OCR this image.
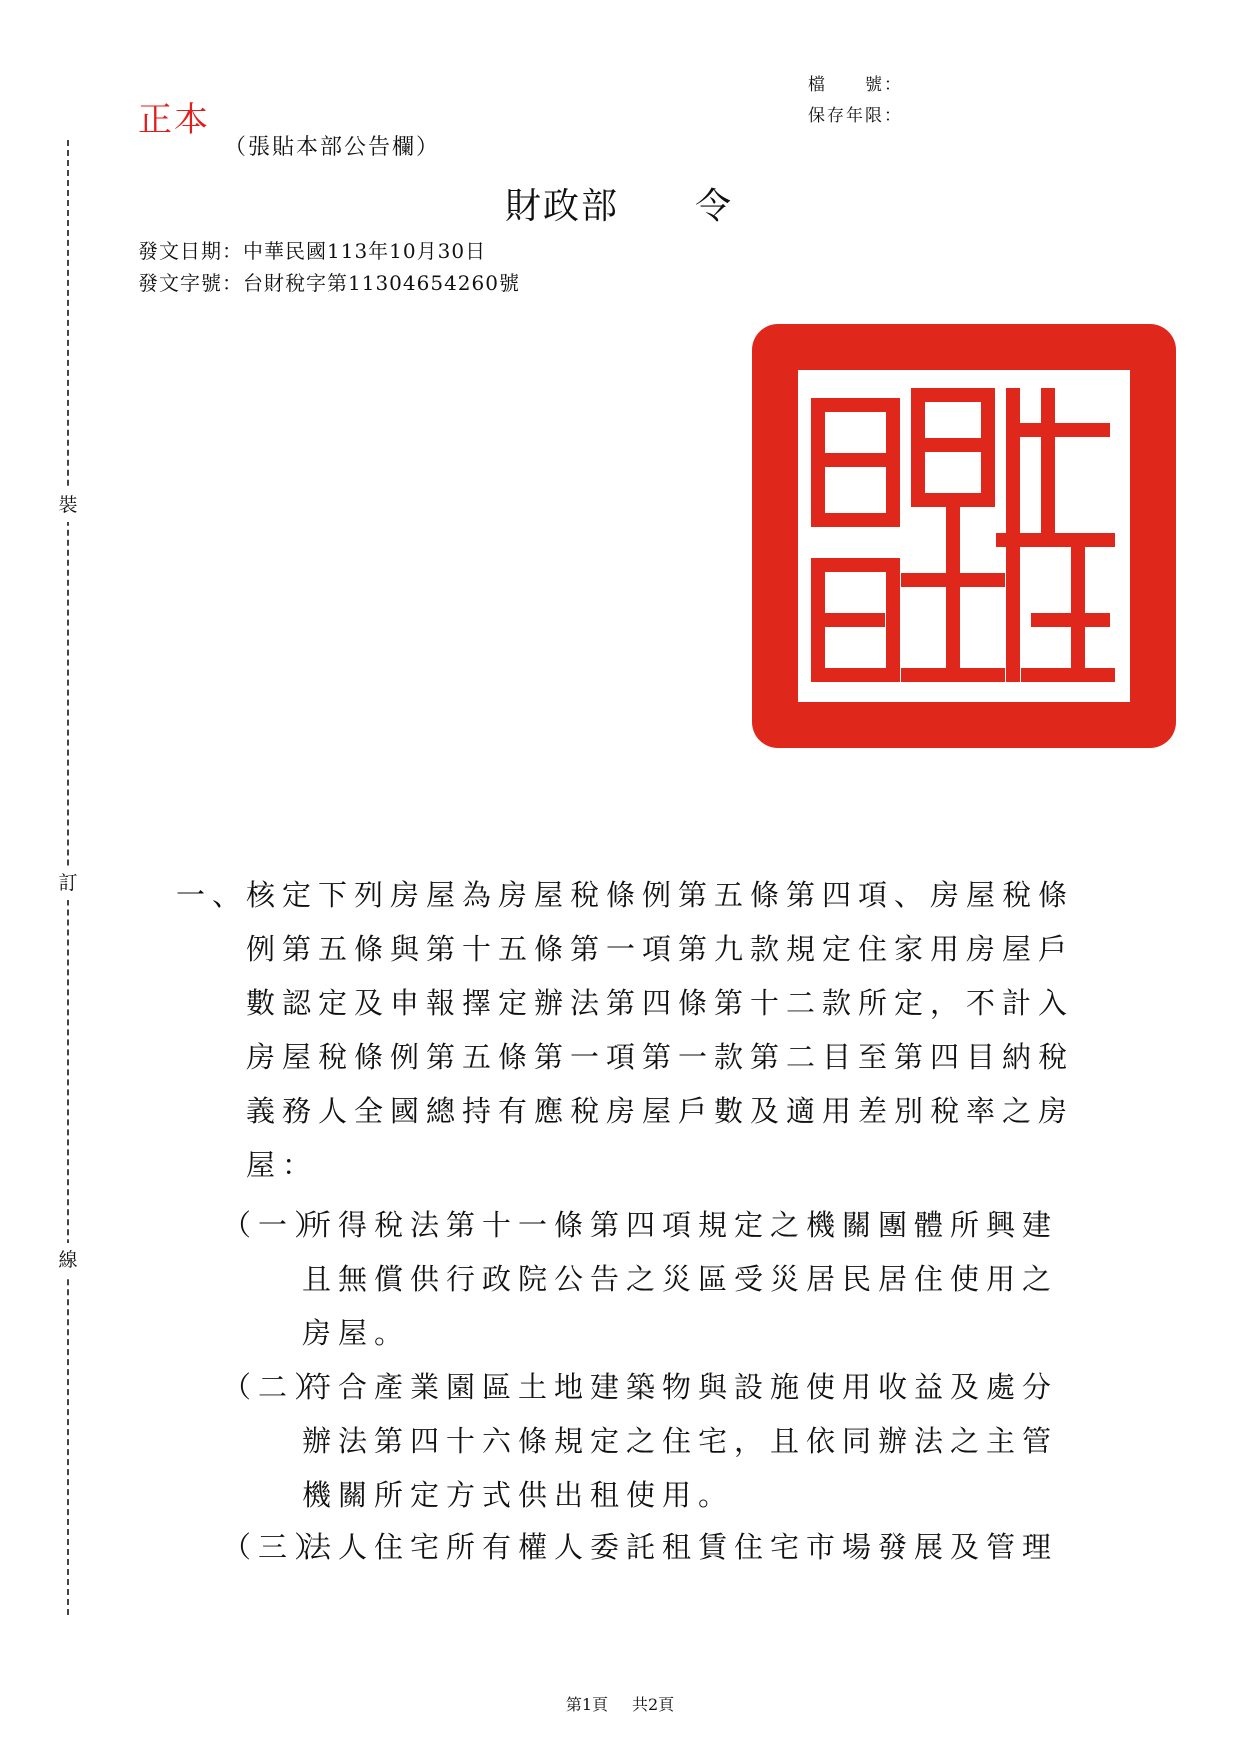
裝
訂
線
正本
（張貼本部公告欄）
檔　　號：
保存年限：
財政部　　令
發文日期：中華民國113年10月30日
發文字號：台財稅字第11304654260號
一、
核定下列房屋為房屋稅條例第五條第四項、房屋稅條
例第五條與第十五條第一項第九款規定住家用房屋戶
數認定及申報擇定辦法第四條第十二款所定，不計入
房屋稅條例第五條第一項第一款第二目至第四目納稅
義務人全國總持有應稅房屋戶數及適用差別稅率之房
屋：
（一）
所得稅法第十一條第四項規定之機關團體所興建
且無償供行政院公告之災區受災居民居住使用之
房屋。
（二）
符合產業園區土地建築物與設施使用收益及處分
辦法第四十六條規定之住宅，且依同辦法之主管
機關所定方式供出租使用。
（三）
法人住宅所有權人委託租賃住宅市場發展及管理
第1頁 共2頁
